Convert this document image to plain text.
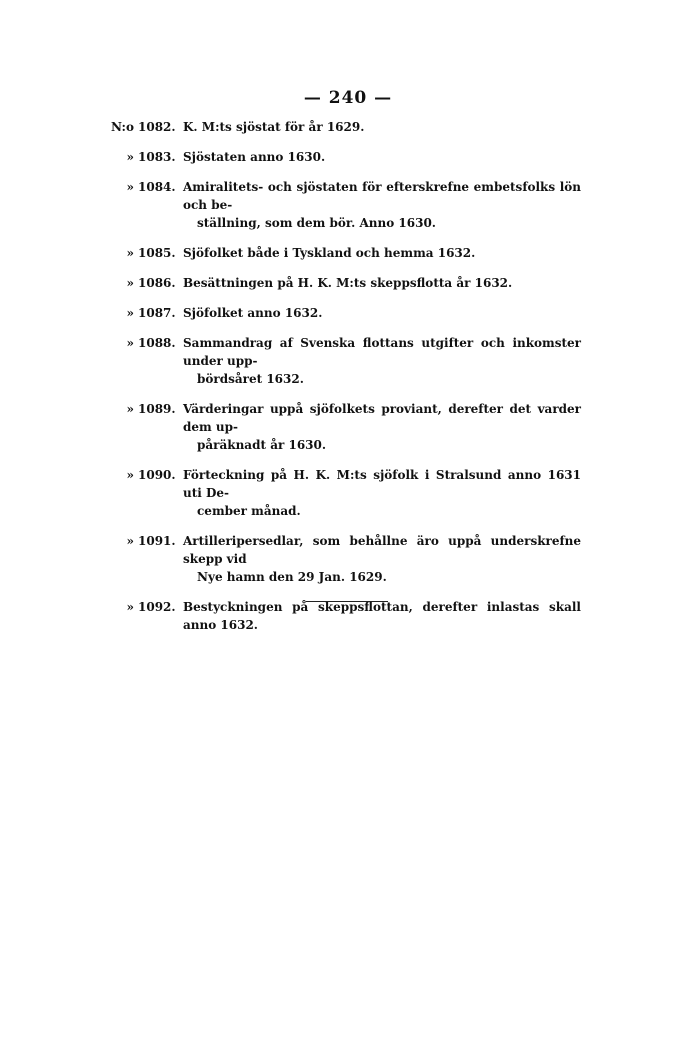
— 240 —
N:o 1082. K. M:ts sjöstat för år 1629.
» 1083. Sjöstaten anno 1630.
» 1084. Amiralitets- och sjöstaten för efterskrefne embetsfolks lön och be-
ställning, som dem bör. Anno 1630.
» 1085. Sjöfolket både i Tyskland och hemma 1632.
» 1086. Besättningen på H. K. M:ts skeppsflotta år 1632.
» 1087. Sjöfolket anno 1632.
» 1088. Sammandrag af Svenska flottans utgifter och inkomster under upp-
bördsåret 1632.
» 1089. Värderingar uppå sjöfolkets proviant, derefter det varder dem up-
påräknadt år 1630.
» 1090. Förteckning på H. K. M:ts sjöfolk i Stralsund anno 1631 uti De-
cember månad.
» 1091. Artilleripersedlar, som behållne äro uppå underskrefne skepp vid
Nye hamn den 29 Jan. 1629.
» 1092. Bestyckningen på skeppsflottan, derefter inlastas skall anno 1632.
